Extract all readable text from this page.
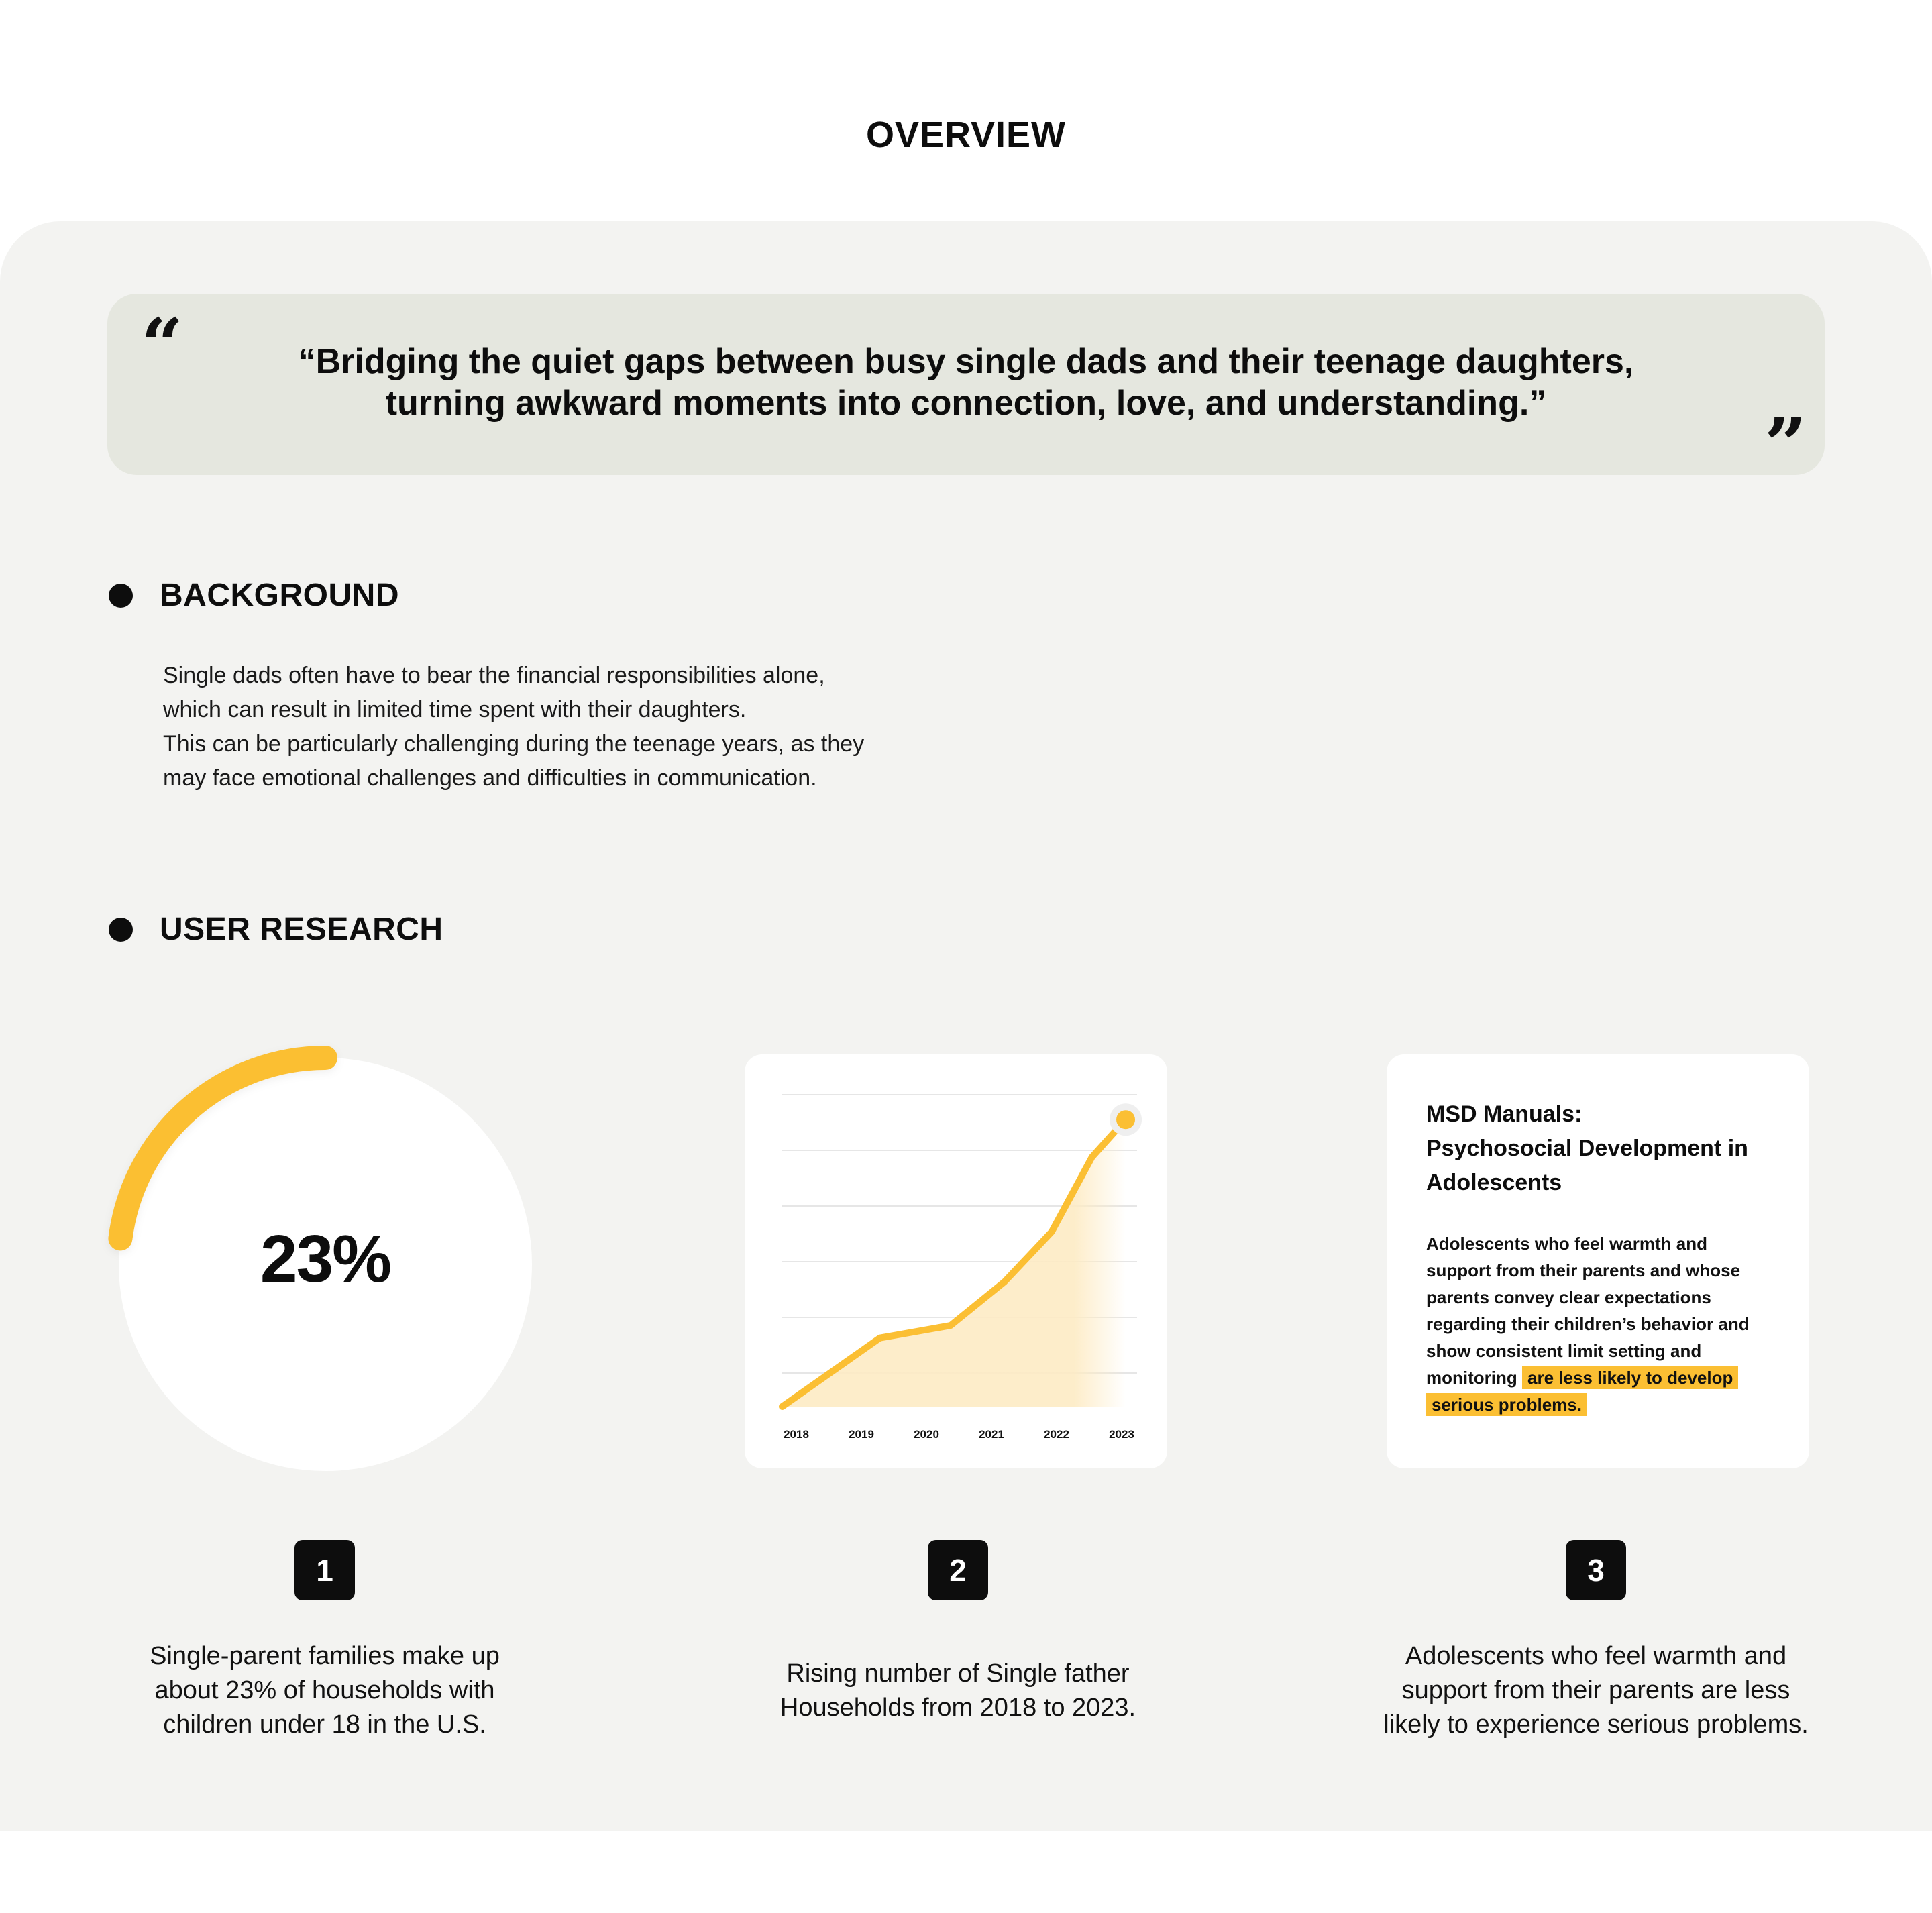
OVERVIEW
“
”
“Bridging the quiet gaps between busy single dads and their teenage daughters,
turning awkward moments into connection, love, and understanding.”
BACKGROUND
Single dads often have to bear the financial responsibilities alone,
which can result in limited time spent with their daughters.
This can be particularly challenging during the teenage years, as they
may face emotional challenges and difficulties in communication.
USER RESEARCH
23%
2018	2019	2020	2021	2022	2023
MSD Manuals:
Psychosocial Development in
Adolescents
Adolescents who feel warmth and support from their parents and whose parents convey clear expectations regarding their children’s behavior and show consistent limit setting and monitoring are less likely to develop serious problems.
1	2	3
Single-parent families make up
about 23% of households with
children under 18 in the U.S.
Rising number of Single father
Households from 2018 to 2023.
Adolescents who feel warmth and
support from their parents are less
likely to experience serious problems.
